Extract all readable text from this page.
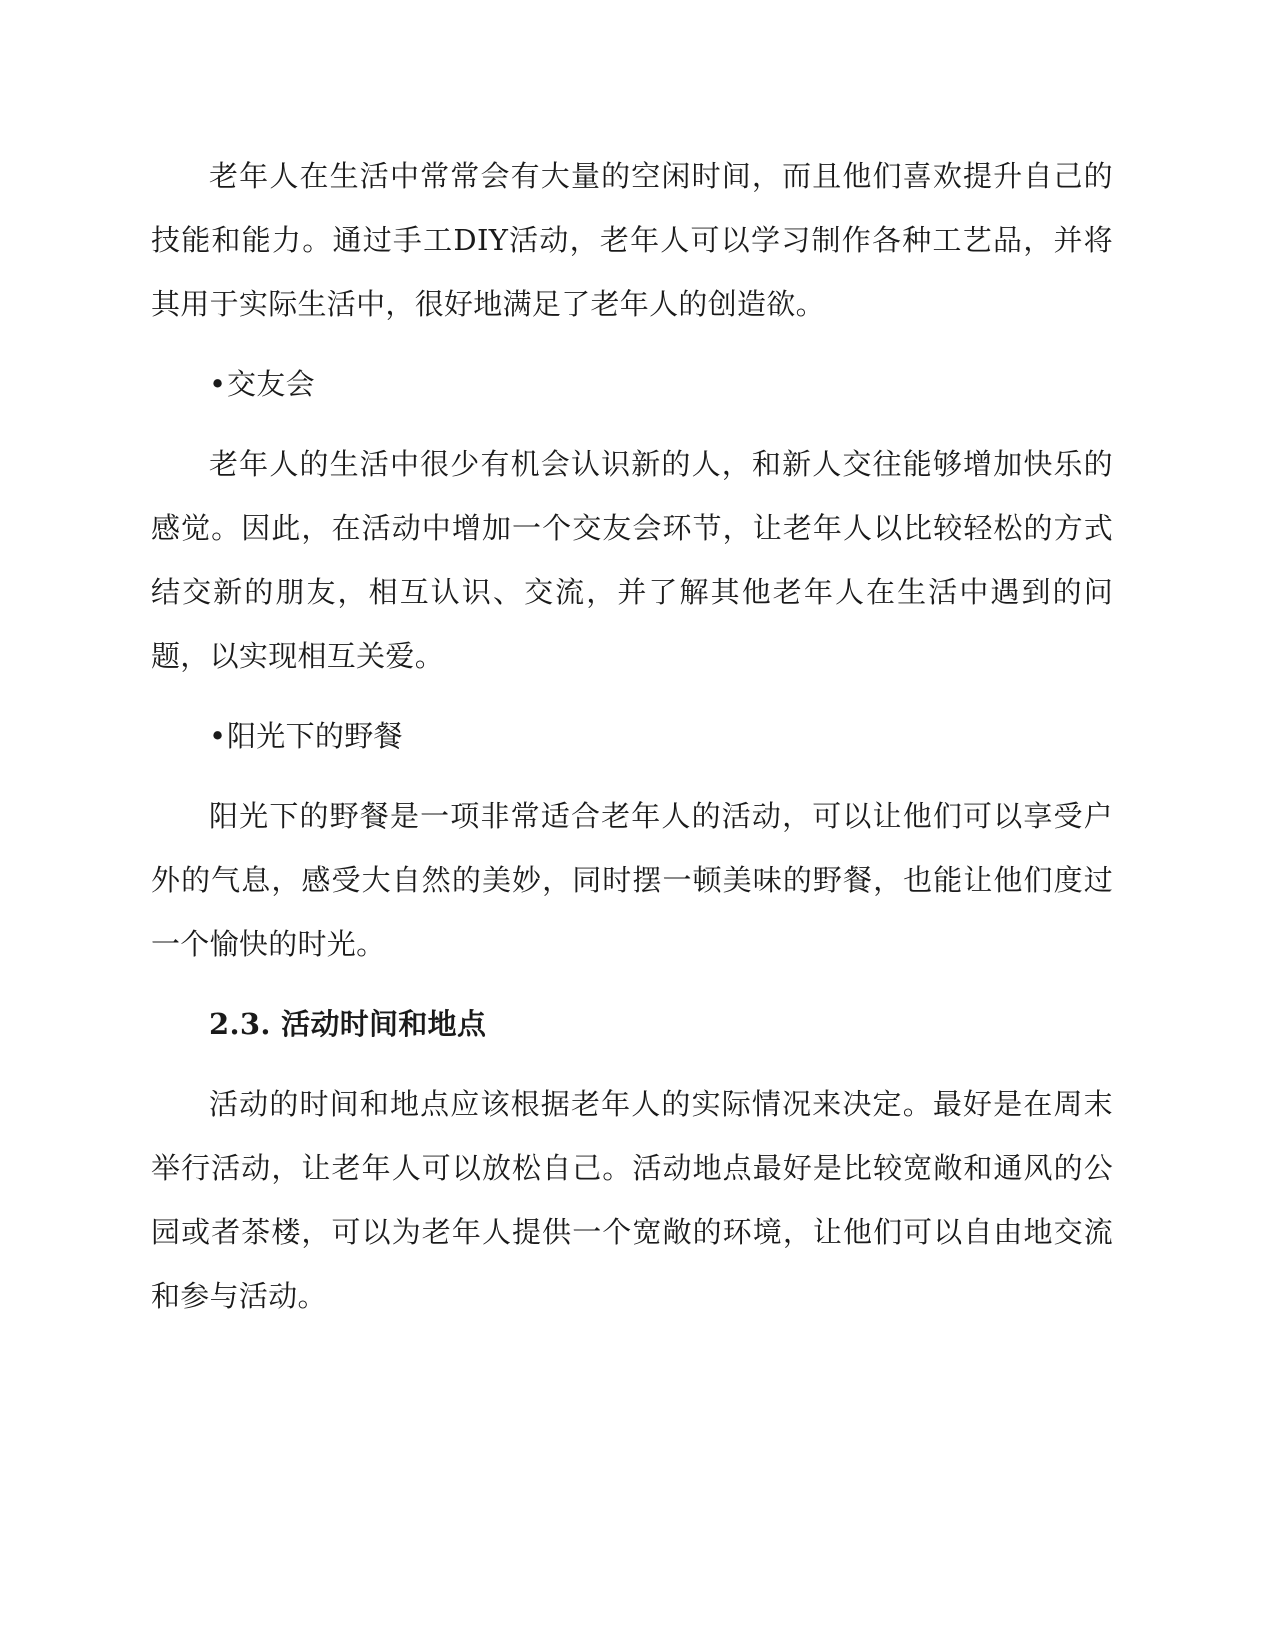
老年人在生活中常常会有大量的空闲时间，而且他们喜欢提升自己的技能和能力。通过手工DIY活动，老年人可以学习制作各种工艺品，并将其用于实际生活中，很好地满足了老年人的创造欲。

•交友会

老年人的生活中很少有机会认识新的人，和新人交往能够增加快乐的感觉。因此，在活动中增加一个交友会环节，让老年人以比较轻松的方式结交新的朋友，相互认识、交流，并了解其他老年人在生活中遇到的问题，以实现相互关爱。

•阳光下的野餐

阳光下的野餐是一项非常适合老年人的活动，可以让他们可以享受户外的气息，感受大自然的美妙，同时摆一顿美味的野餐，也能让他们度过一个愉快的时光。

2.3. 活动时间和地点

活动的时间和地点应该根据老年人的实际情况来决定。最好是在周末举行活动，让老年人可以放松自己。活动地点最好是比较宽敞和通风的公园或者茶楼，可以为老年人提供一个宽敞的环境，让他们可以自由地交流和参与活动。
